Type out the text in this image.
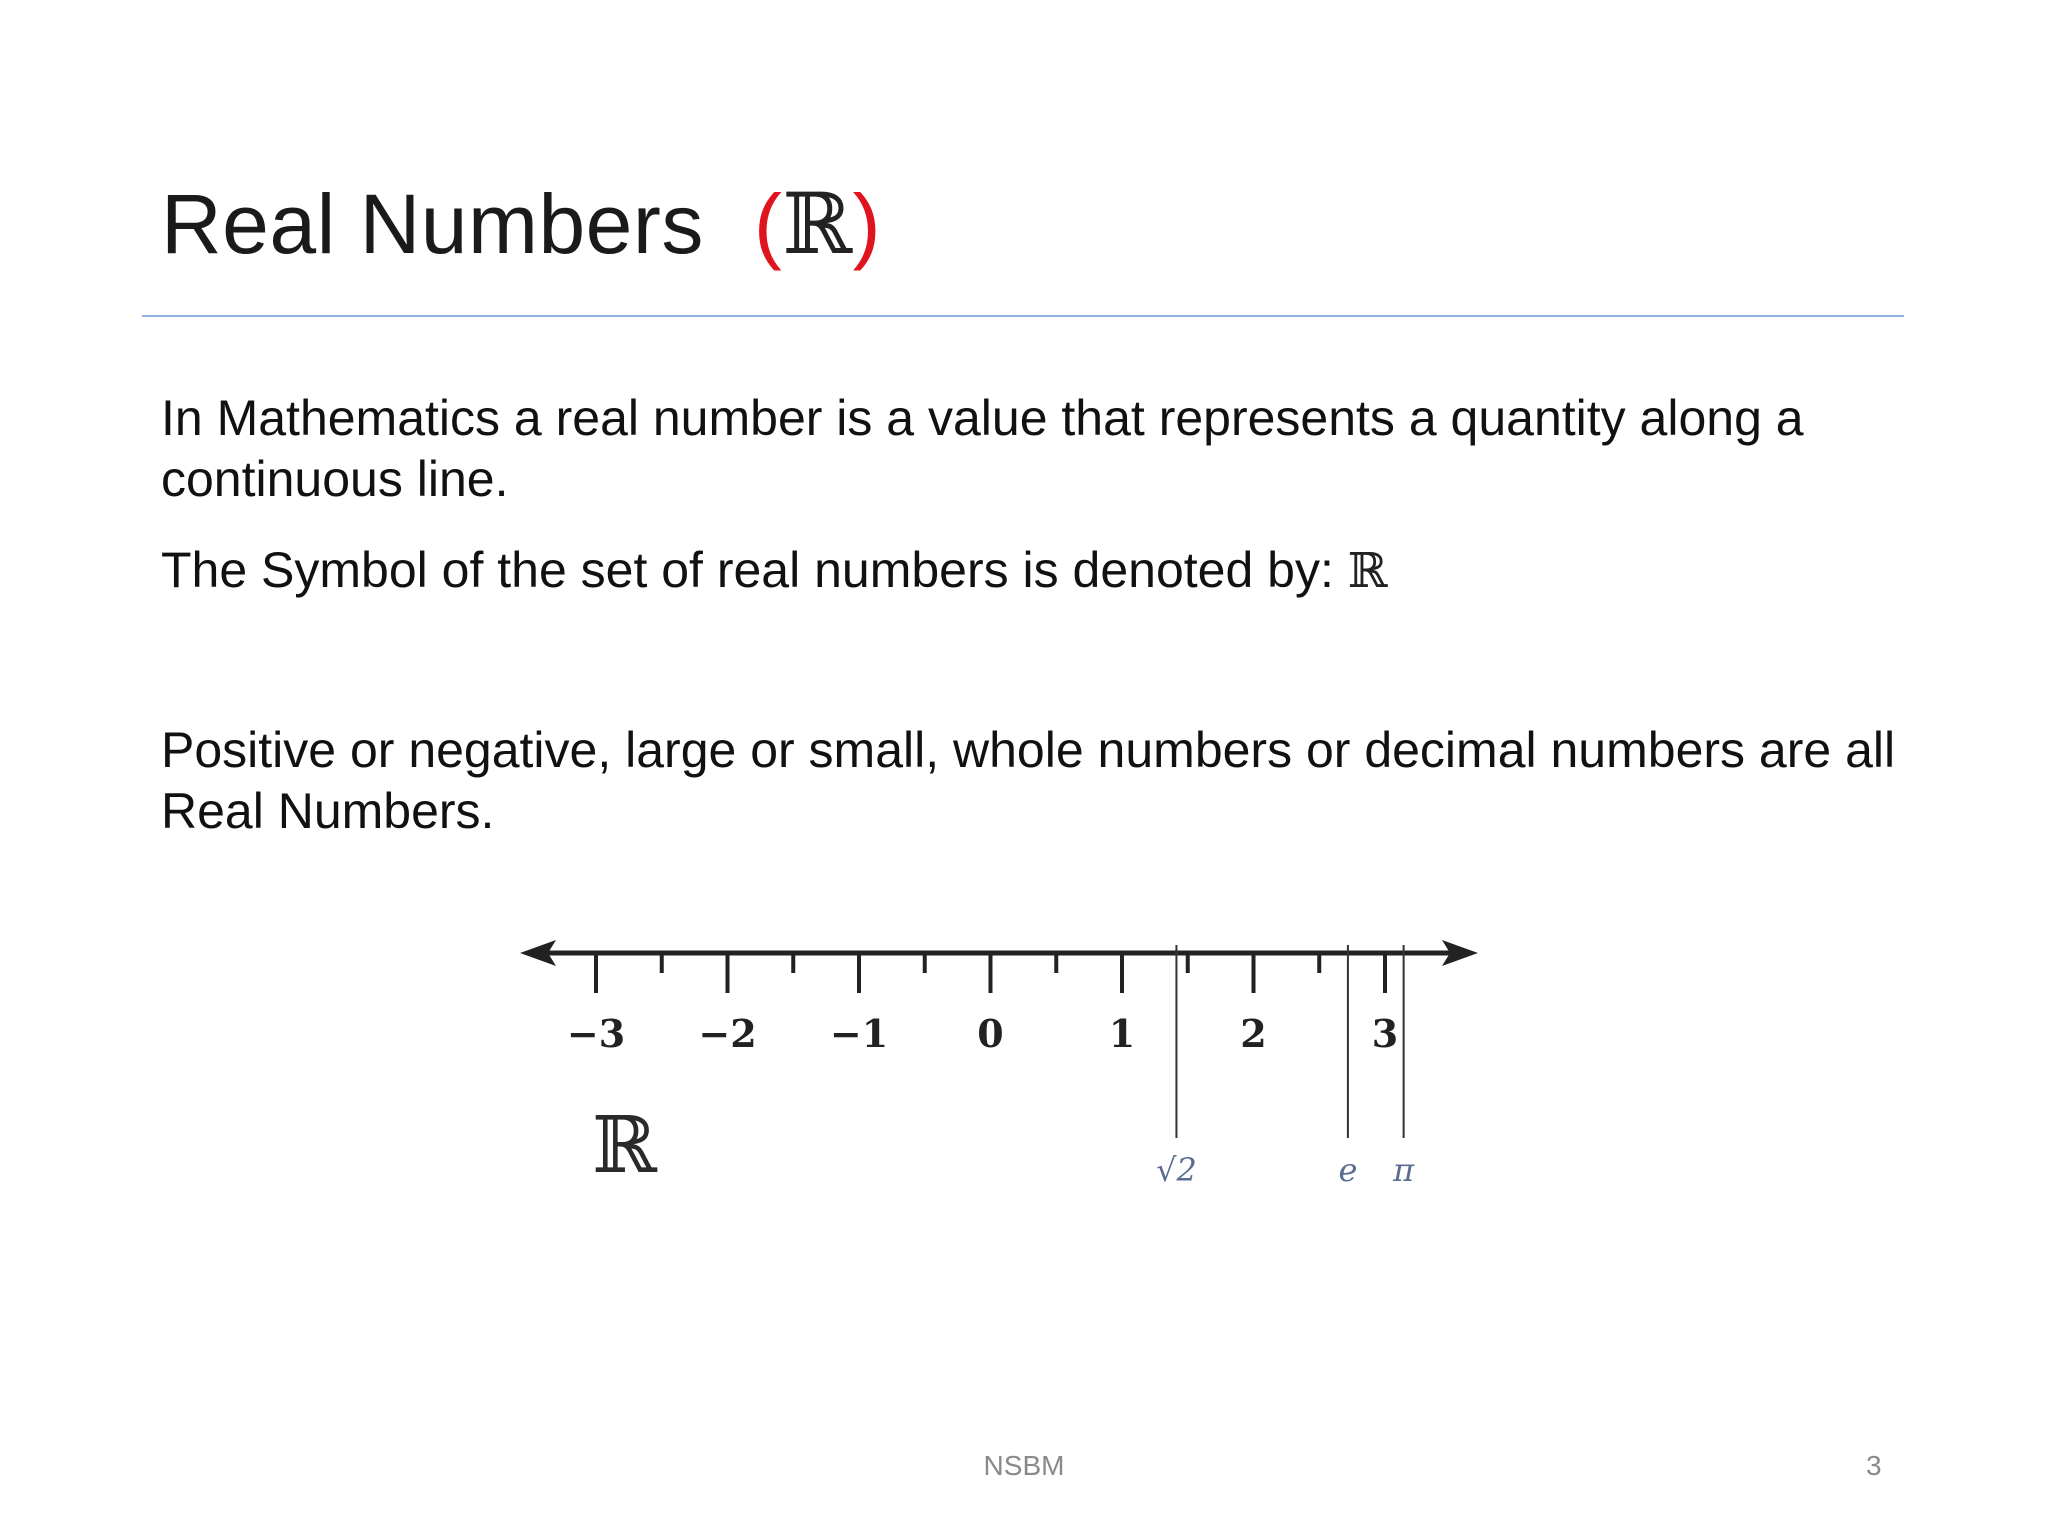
Real Numbers (ℝ)
In Mathematics a real number is a value that represents a quantity along a continuous line.
The Symbol of the set of real numbers is denoted by: ℝ
Positive or negative, large or small, whole numbers or decimal numbers are all Real Numbers.
−3 −2 −1 0	1	2	3
√2	e π
ℝ
NSBM	3
